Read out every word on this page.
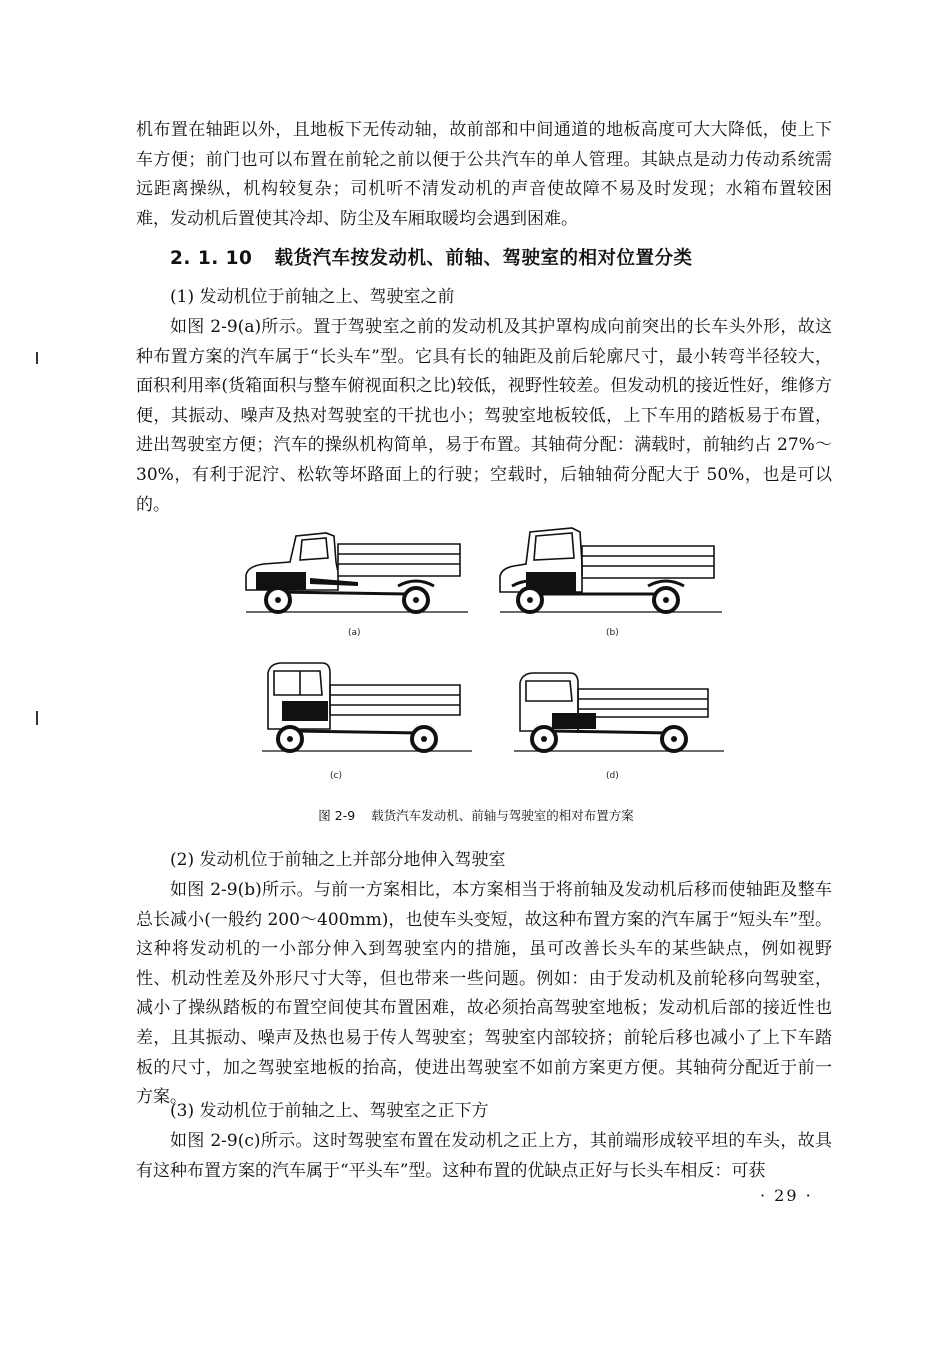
机布置在轴距以外，且地板下无传动轴，故前部和中间通道的地板高度可大大降低，使上下车方便；前门也可以布置在前轮之前以便于公共汽车的单人管理。其缺点是动力传动系统需远距离操纵，机构较复杂；司机听不清发动机的声音使故障不易及时发现；水箱布置较困难，发动机后置使其冷却、防尘及车厢取暖均会遇到困难。

2. 1. 10 载货汽车按发动机、前轴、驾驶室的相对位置分类

(1) 发动机位于前轴之上、驾驶室之前

如图 2-9(a)所示。置于驾驶室之前的发动机及其护罩构成向前突出的长车头外形，故这种布置方案的汽车属于“长头车”型。它具有长的轴距及前后轮廓尺寸，最小转弯半径较大，面积利用率(货箱面积与整车俯视面积之比)较低，视野性较差。但发动机的接近性好，维修方便，其振动、噪声及热对驾驶室的干扰也小；驾驶室地板较低，上下车用的踏板易于布置，进出驾驶室方便；汽车的操纵机构简单，易于布置。其轴荷分配：满载时，前轴约占 27%～30%，有利于泥泞、松软等坏路面上的行驶；空载时，后轴轴荷分配大于 50%，也是可以的。

(a)	(b)
(c)	(d)

图 2-9 载货汽车发动机、前轴与驾驶室的相对布置方案

(2) 发动机位于前轴之上并部分地伸入驾驶室

如图 2-9(b)所示。与前一方案相比，本方案相当于将前轴及发动机后移而使轴距及整车总长减小(一般约 200～400mm)，也使车头变短，故这种布置方案的汽车属于“短头车”型。这种将发动机的一小部分伸入到驾驶室内的措施，虽可改善长头车的某些缺点，例如视野性、机动性差及外形尺寸大等，但也带来一些问题。例如：由于发动机及前轮移向驾驶室，减小了操纵踏板的布置空间使其布置困难，故必须抬高驾驶室地板；发动机后部的接近性也差，且其振动、噪声及热也易于传人驾驶室；驾驶室内部较挤；前轮后移也减小了上下车踏板的尺寸，加之驾驶室地板的抬高，使进出驾驶室不如前方案更方便。其轴荷分配近于前一方案。

(3) 发动机位于前轴之上、驾驶室之正下方

如图 2-9(c)所示。这时驾驶室布置在发动机之正上方，其前端形成较平坦的车头，故具有这种布置方案的汽车属于“平头车”型。这种布置的优缺点正好与长头车相反：可获

· 29 ·
